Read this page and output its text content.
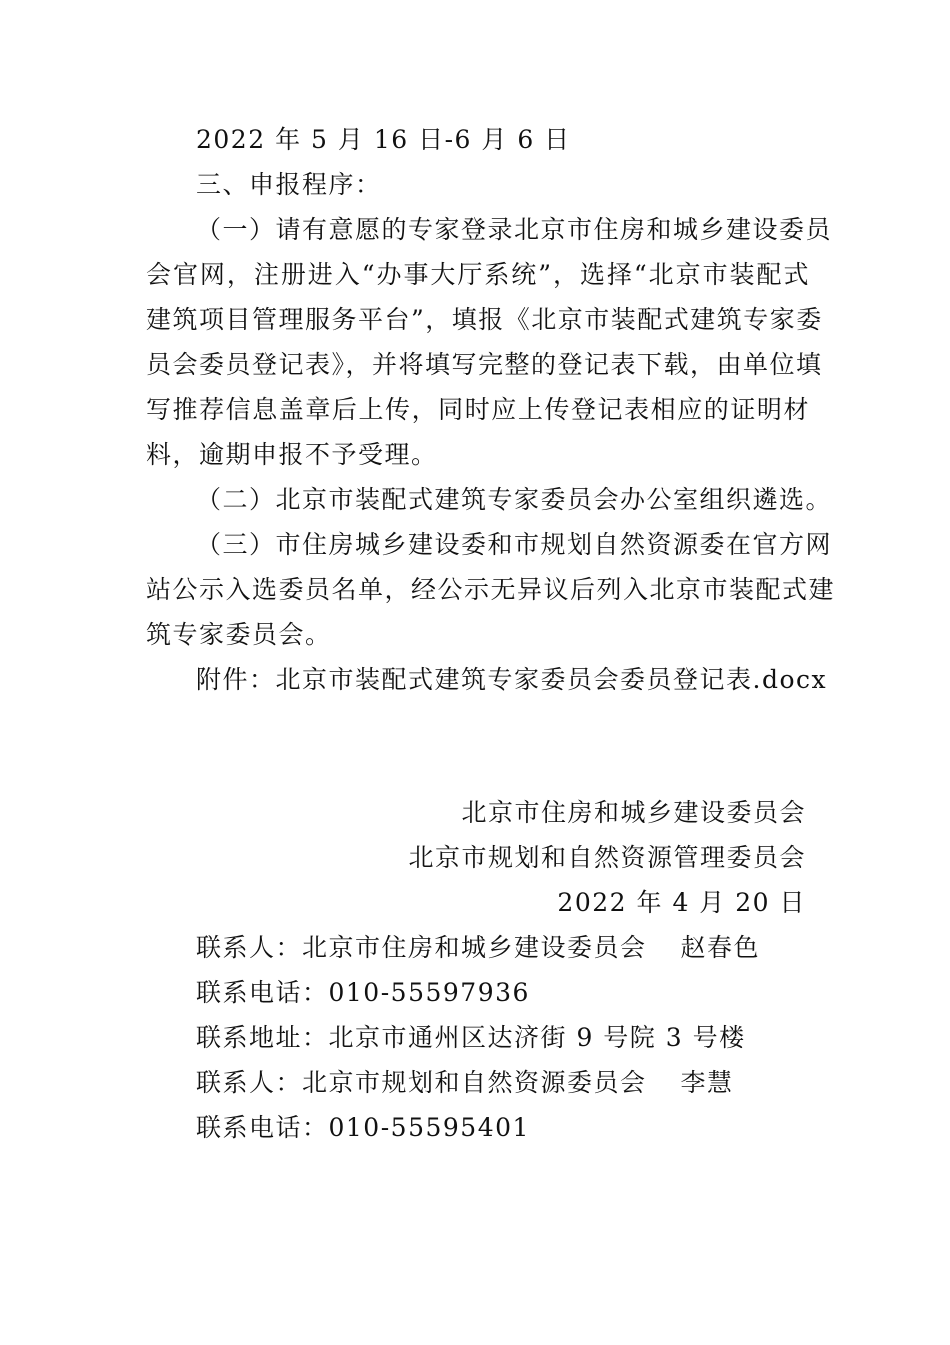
2022 年 5 月 16 日-6 月 6 日
三、申报程序：
（一）请有意愿的专家登录北京市住房和城乡建设委员
会官网，注册进入“办事大厅系统”，选择“北京市装配式
建筑项目管理服务平台”，填报《北京市装配式建筑专家委
员会委员登记表》，并将填写完整的登记表下载，由单位填
写推荐信息盖章后上传，同时应上传登记表相应的证明材
料，逾期申报不予受理。
（二）北京市装配式建筑专家委员会办公室组织遴选。
（三）市住房城乡建设委和市规划自然资源委在官方网
站公示入选委员名单，经公示无异议后列入北京市装配式建
筑专家委员会。
附件：北京市装配式建筑专家委员会委员登记表.docx
北京市住房和城乡建设委员会
北京市规划和自然资源管理委员会
2022 年 4 月 20 日
联系人：北京市住房和城乡建设委员会 赵春色
联系电话：010-55597936
联系地址：北京市通州区达济街 9 号院 3 号楼
联系人：北京市规划和自然资源委员会 李慧
联系电话：010-55595401
